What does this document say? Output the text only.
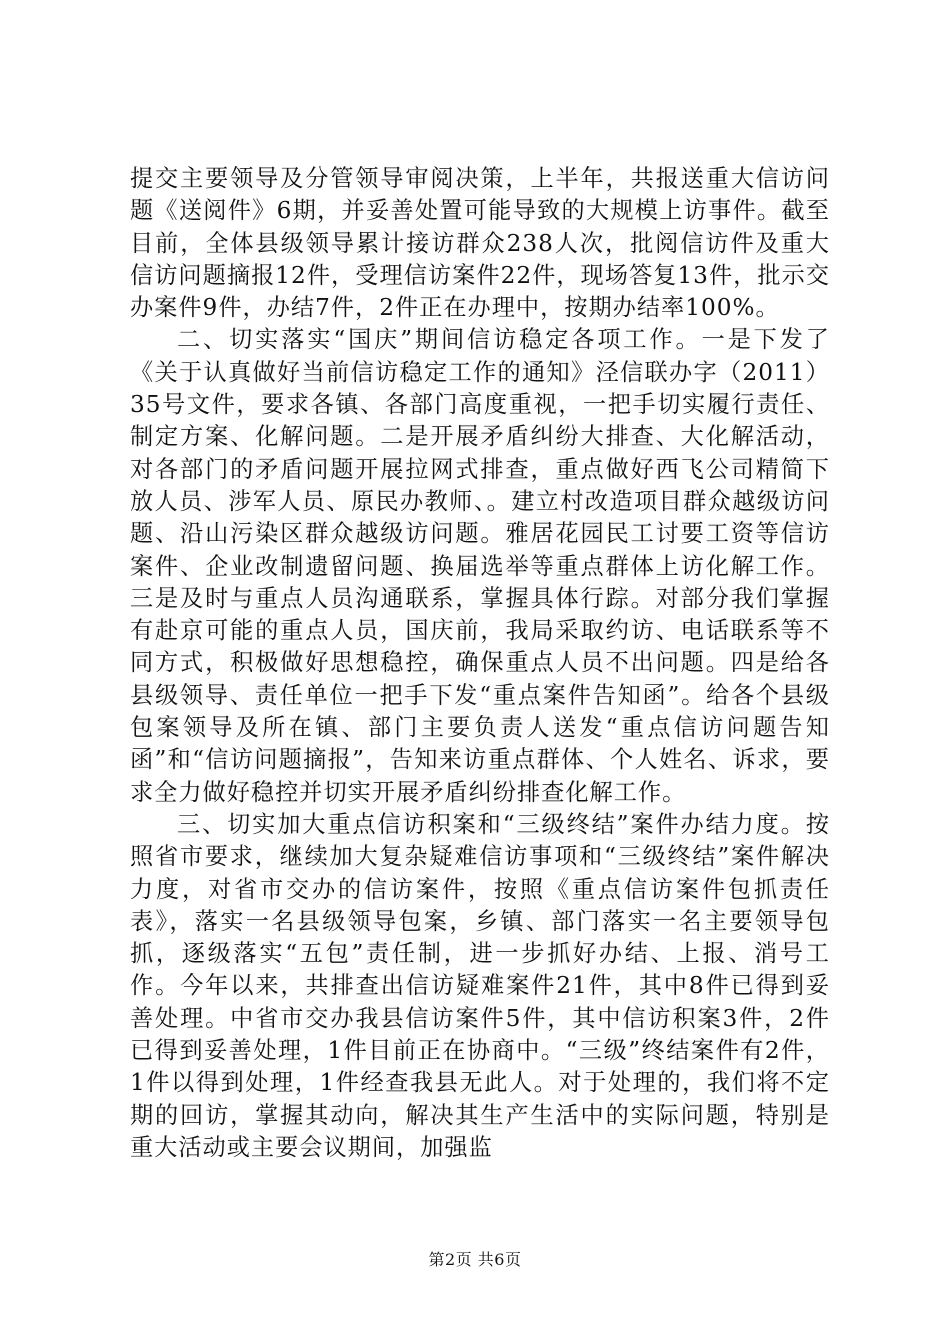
提交主要领导及分管领导审阅决策，上半年，共报送重大信访问题《送阅件》6期，并妥善处置可能导致的大规模上访事件。截至目前，全体县级领导累计接访群众238人次，批阅信访件及重大信访问题摘报12件，受理信访案件22件，现场答复13件，批示交办案件9件，办结7件，2件正在办理中，按期办结率100%。

二、切实落实“国庆”期间信访稳定各项工作。一是下发了《关于认真做好当前信访稳定工作的通知》泾信联办字（2011）35号文件，要求各镇、各部门高度重视，一把手切实履行责任、制定方案、化解问题。二是开展矛盾纠纷大排查、大化解活动，对各部门的矛盾问题开展拉网式排查，重点做好西飞公司精简下放人员、涉军人员、原民办教师、。建立村改造项目群众越级访问题、沿山污染区群众越级访问题。雅居花园民工讨要工资等信访案件、企业改制遗留问题、换届选举等重点群体上访化解工作。三是及时与重点人员沟通联系，掌握具体行踪。对部分我们掌握有赴京可能的重点人员，国庆前，我局采取约访、电话联系等不同方式，积极做好思想稳控，确保重点人员不出问题。四是给各县级领导、责任单位一把手下发“重点案件告知函”。给各个县级包案领导及所在镇、部门主要负责人送发“重点信访问题告知函”和“信访问题摘报”，告知来访重点群体、个人姓名、诉求，要求全力做好稳控并切实开展矛盾纠纷排查化解工作。

三、切实加大重点信访积案和“三级终结”案件办结力度。按照省市要求，继续加大复杂疑难信访事项和“三级终结”案件解决力度，对省市交办的信访案件，按照《重点信访案件包抓责任表》，落实一名县级领导包案，乡镇、部门落实一名主要领导包抓，逐级落实“五包”责任制，进一步抓好办结、上报、消号工作。今年以来，共排查出信访疑难案件21件，其中8件已得到妥善处理。中省市交办我县信访案件5件，其中信访积案3件，2件已得到妥善处理，1件目前正在协商中。“三级”终结案件有2件，1件以得到处理，1件经查我县无此人。对于处理的，我们将不定期的回访，掌握其动向，解决其生产生活中的实际问题，特别是重大活动或主要会议期间，加强监

第2页 共6页
